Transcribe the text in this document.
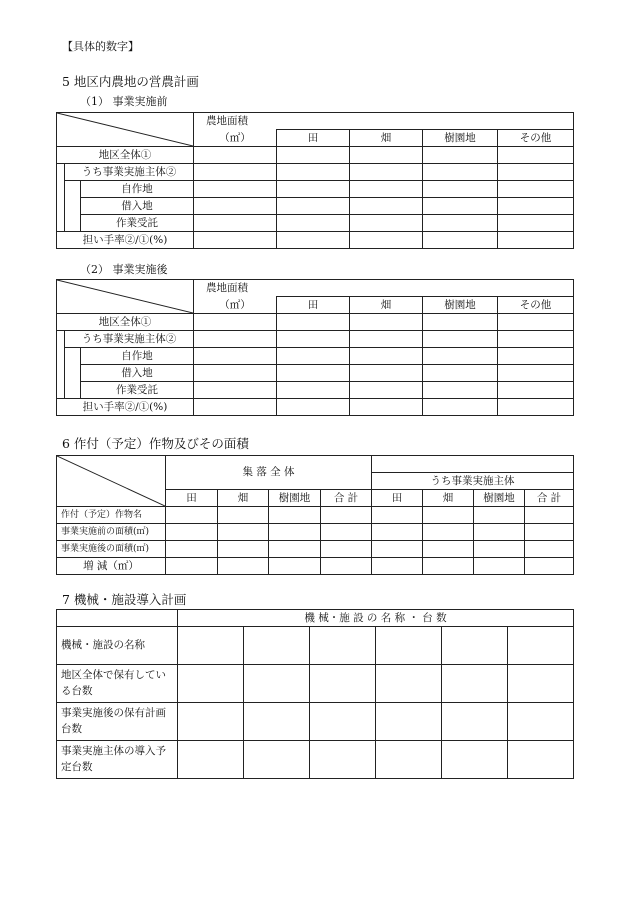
【具体的数字】
5 地区内農地の営農計画
（1） 事業実施前
	農地面積				
			（㎡）	田	畑	樹園地	その他
地区全体①							
	うち事業実施主体②						
		自作地					
		借入地					
		作業受託					
担い手率②/①(%)							
（2） 事業実施後
	農地面積				
			（㎡）	田	畑	樹園地	その他
地区全体①							
	うち事業実施主体②						
		自作地					
		借入地					
		作業受託					
担い手率②/①(%)							
6 作付（予定）作物及びその面積
	集 落 全 体							
					うち事業実施主体			
	田	畑	樹園地	合 計	田	畑	樹園地	合 計
作付（予定）作物名								
事業実施前の面積(㎡)								
事業実施後の面積(㎡)								
増 減（㎡）								
7 機械・施設導入計画
	機 械・施 設 の 名 称 ・ 台 数					
機械・施設の名称						
地区全体で保有している台数						
事業実施後の保有計画台数						
事業実施主体の導入予定台数						
